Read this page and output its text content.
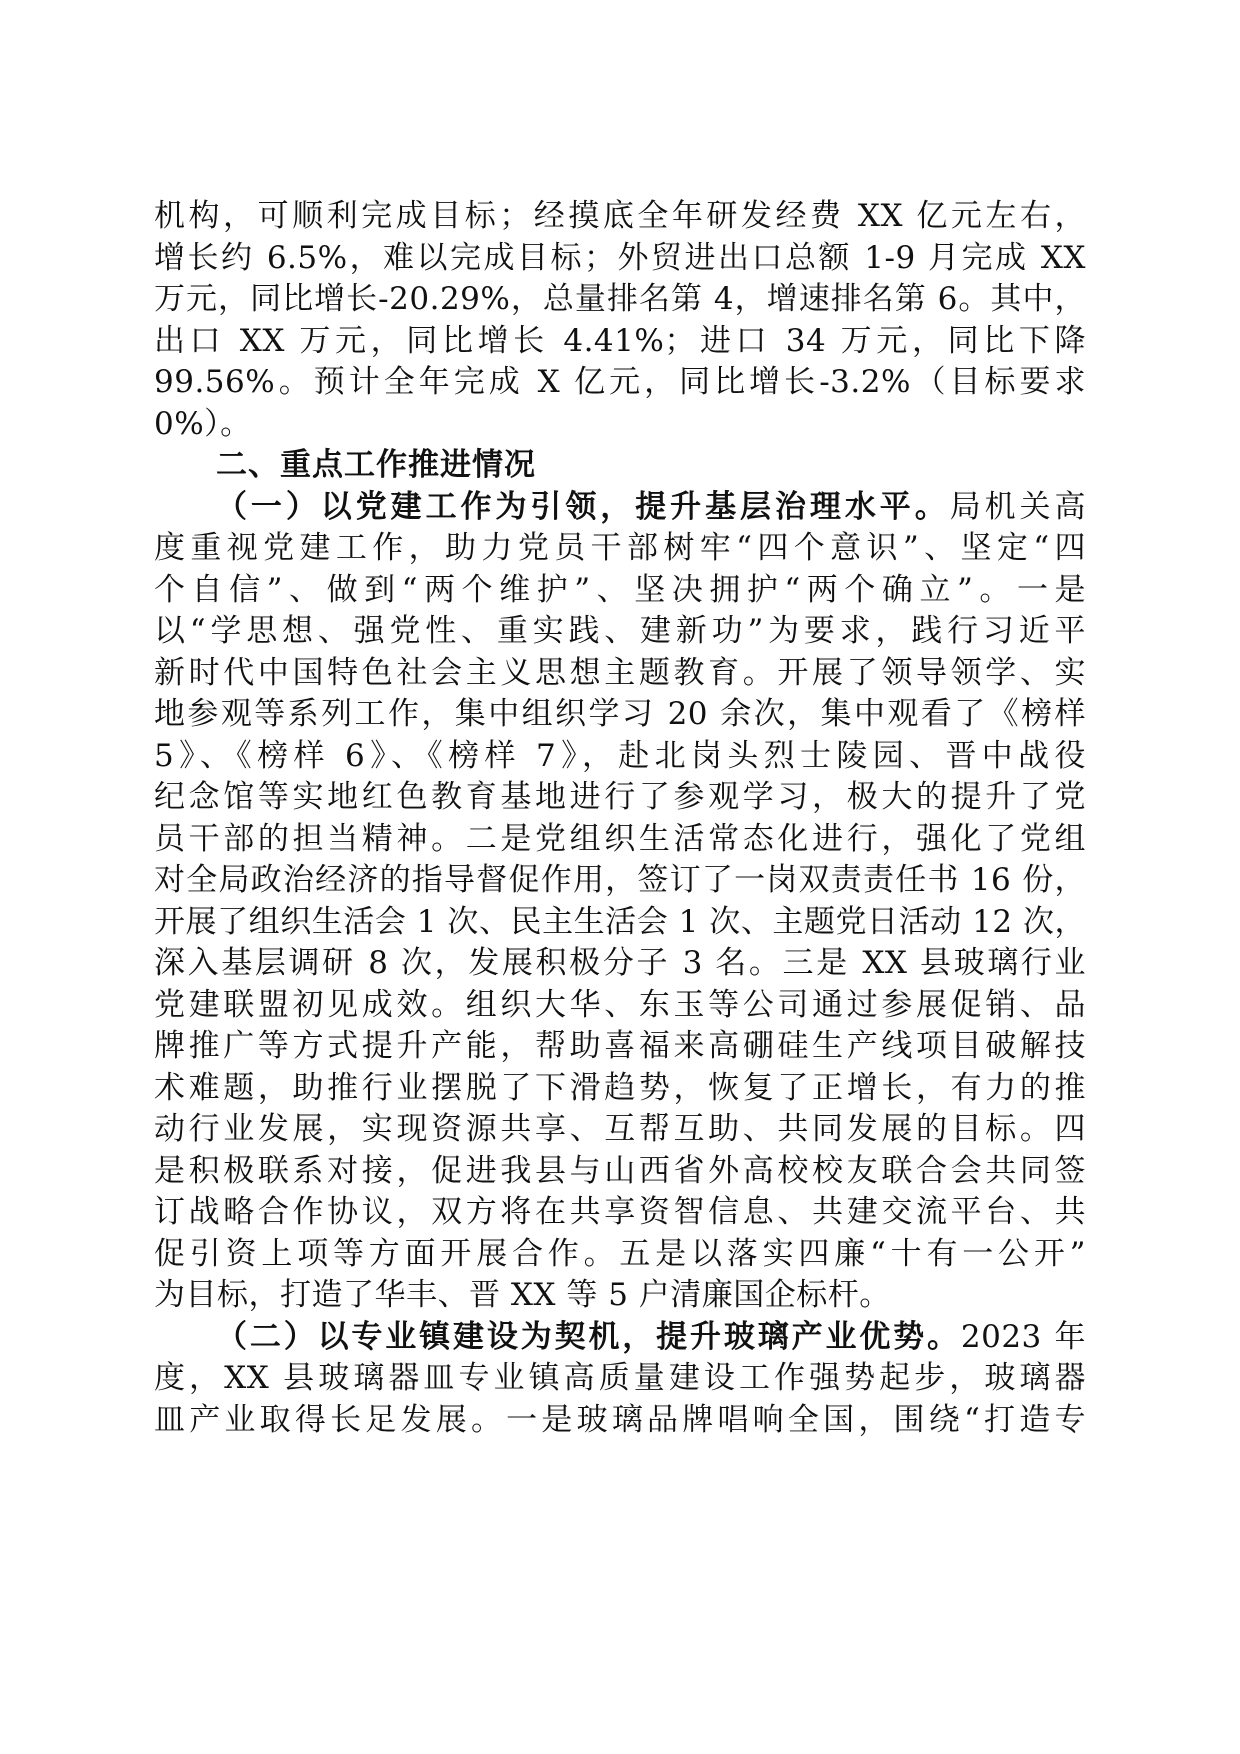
机构，可顺利完成目标；经摸底全年研发经费 XX 亿元左右，
增长约 6.5%，难以完成目标；外贸进出口总额 1-9 月完成 XX
万元，同比增长-20.29%，总量排名第 4，增速排名第 6。其中，
出口 XX 万元，同比增长 4.41%；进口 34 万元，同比下降
99.56%。预计全年完成 X 亿元，同比增长-3.2%（目标要求
0%）。
二、重点工作推进情况
（一）以党建工作为引领，提升基层治理水平。局机关高
度重视党建工作，助力党员干部树牢“四个意识”、坚定“四
个自信”、做到“两个维护”、坚决拥护“两个确立”。一是
以“学思想、强党性、重实践、建新功”为要求，践行习近平
新时代中国特色社会主义思想主题教育。开展了领导领学、实
地参观等系列工作，集中组织学习 20 余次，集中观看了《榜样
5》、《榜样 6》、《榜样 7》，赴北岗头烈士陵园、晋中战役
纪念馆等实地红色教育基地进行了参观学习，极大的提升了党
员干部的担当精神。二是党组织生活常态化进行，强化了党组
对全局政治经济的指导督促作用，签订了一岗双责责任书 16 份，
开展了组织生活会 1 次、民主生活会 1 次、主题党日活动 12 次，
深入基层调研 8 次，发展积极分子 3 名。三是 XX 县玻璃行业
党建联盟初见成效。组织大华、东玉等公司通过参展促销、品
牌推广等方式提升产能，帮助喜福来高硼硅生产线项目破解技
术难题，助推行业摆脱了下滑趋势，恢复了正增长，有力的推
动行业发展，实现资源共享、互帮互助、共同发展的目标。四
是积极联系对接，促进我县与山西省外高校校友联合会共同签
订战略合作协议，双方将在共享资智信息、共建交流平台、共
促引资上项等方面开展合作。五是以落实四廉“十有一公开”
为目标，打造了华丰、晋 XX 等 5 户清廉国企标杆。
（二）以专业镇建设为契机，提升玻璃产业优势。2023 年
度，XX 县玻璃器皿专业镇高质量建设工作强势起步，玻璃器
皿产业取得长足发展。一是玻璃品牌唱响全国，围绕“打造专
